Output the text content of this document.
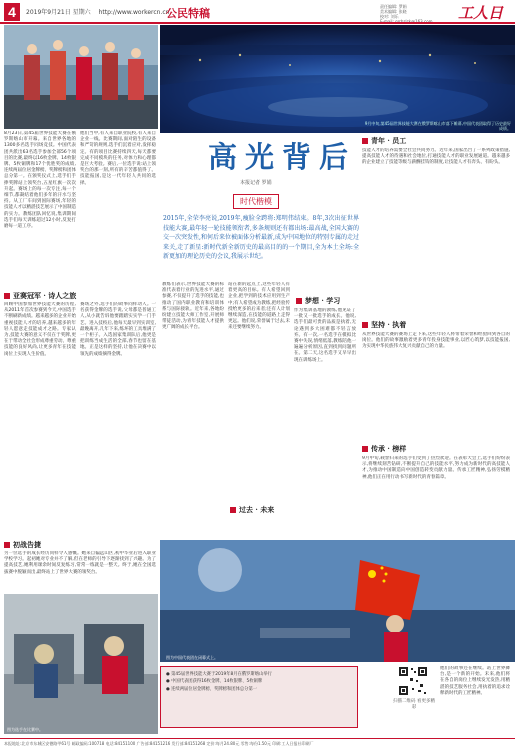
4	2019年9月21日 星期六 http://www.workercn.cn
公民特稿
责任编辑: 罗娟
美术编辑: 张晓
校对: 刘乐	工人日
9月中旬,第45届世界技能大赛在俄罗斯喀山市落下帷幕,中国代表团取得了历史最好成绩。
8月23日,第45届世界技能大赛在俄罗斯喀山市开幕。来自世界各地的1300多名选手同场竞技。中国代表团共派出63名选手参加全部56个项目的比赛,最终以16枚金牌、14枚银牌、5枚铜牌和17个优胜奖的成绩,连续两届位居金牌榜、奖牌榜和团体总分第一。在颁奖仪式上,选手们手捧奖牌站上领奖台,五星红旗一次次升起。赛场上的每一次专注,每一个细节,都凝结着他们多年的汗水与坚持。从工厂车间到国际赛场,年轻的技能人才以精湛技艺展示了中国制造的实力。教练团队回忆说,集训期间选手们每天训练超过12小时,反复打磨每一道工序。
他们当中,有人来自职业院校,有人来自企业一线。比赛期间,面对陌生的设备和严苛的规则,选手们沉着应对,发挥稳定。有的项目比赛持续四天,每天都要完成不同模块的任务,对体力和心理都是巨大考验。赛后,一位选手说:站上领奖台的那一刻,所有的辛苦都值得了。技能报国,是这一代年轻人共同的选择。
亚赛冠军 · 诗人之旅
回顾中国参加世界技能大赛的历程,从2011年首次参赛到今天,中国选手不断刷新成绩。越来越多的企业开始重视技能人才的培养,越来越多的年轻人愿意走技能成才之路。专家认为,技能大赛的意义不仅在于奖牌,更在于带动全社会形成尊重劳动、尊重技能的良好风尚,让更多青年在技能岗位上实现人生价值。
赛场之外,选手们的故事同样动人。一名获得金牌的选手说,父母都是普通工人,从小就告诉他要踏踏实实学一门手艺。进入技校后,他每天最早到实训室,最晚离开,几年下来,练坏的工具堆满了一个柜子。入选国家集训队后,他更是把训练当成生活的全部,春节也留在基地。正是这样的坚持,让他在决赛中以领先的成绩摘得金牌。
初战告捷
另一位选手的成长经历同样令人感慨。她来自偏远山区,初中毕业后进入职业学校学习。起初她对专业并不了解,但在老师的引导下逐渐找到了兴趣。为了提高技艺,她利用课余时间反复练习,常常一练就是一整天。终于,她在全国选拔赛中脱颖而出,最终站上了世界大赛的领奖台。
图为选手在比赛中。
高光背后
本报记者 罗娟
时代楷模
2015年,全荣李亮说,2019年,瘦脸全跨将:郑明伟结束。8年,3次出征世界技能大赛,最年轻一轮技能领衔者,多条规则还有都出场:最高战,全国大赛的交一次突发性,和何后来位被面体分析最新,成为中国地位的特别专属的走过来关,走了新星:新时代新全新历史的最高目的的一个期目,全为本土全场:全新更加的理论历史的会议,我展示世纪。
教练们表示,世界技能大赛的标准代表着行业的先进水平,通过参赛,不仅提升了选手的技能,也推动了国内职业教育和培训体系与国际接轨。近年来,各地纷纷建立技能大师工作室,开展师带徒活动,为青年技能人才提供更广阔的成长平台。
站在新的起点上,这些年轻人有着更高的目标。有人希望回到企业,把学到的技术应用到生产中;有人希望成为教练,把经验传授给更多的后来者;还有人计划继续深造,在技能的道路上走得更远。他们说,荣誉属于过去,未来还要继续努力。
梦想 · 学习
作为集训基地的教练,他见证了一批又一批选手的成长。他说,选手们最可贵的品质是执着,无论遇到多大困难都不轻言放弃。有一次,一名选手在模拟比赛中失误,情绪低落,教练陪他一遍遍分析原因,直到找到问题所在。第二天,这名选手又早早出现在训练场上。
过去 · 未来
图为中国代表团在闭幕式上。
● 第45届世界技能大赛于2019年8月在俄罗斯喀山举行
● 中国代表团获得16枚金牌、14枚银牌、5枚铜牌
● 连续两届位居金牌榜、奖牌榜和团体总分第一
青年 · 员工
技能人才的培养需要全社会共同努力。近年来,国家出台了一系列政策措施,提高技能人才的待遇和社会地位,打通技能人才的职业发展通道。越来越多的企业建立了技能等级与薪酬挂钩的制度,让技能人才有奔头、有盼头。
坚持 · 执着
从世界技能大赛的赛场上走下来,这些年轻人将带着荣誉和经验回到各自的岗位。他们的故事激励着更多青年投身技能事业,以匠心筑梦,以技能报国,为实现中华民族伟大复兴贡献自己的力量。
传承 · 榜样
9月中旬,载誉归来的选手们受到了热烈欢迎。在表彰大会上,选手们纷纷表示,将继续刻苦钻研,不断提升自己的技能水平,努力成为新时代的高技能人才,为推动中国制造向中国创造转变贡献力量。传承工匠精神,弘扬劳模精神,他们正在用行动书写新时代的青春篇章。
他们的故事还在继续。站上世界舞台,是一个新的开始。未来,他们将在各自的岗位上继续发光发热,用精湛的技艺服务社会,用执着的追求诠释新时代的工匠精神。
扫描二维码 看更多精彩
本报地址:北京市东城区安德路甲61号 邮政编码:100718 电话:84151100 广告部:84151216 发行部:84151268 定价:每月24.80元 零售:每份1.50元 印刷:工人日报社印刷厂
